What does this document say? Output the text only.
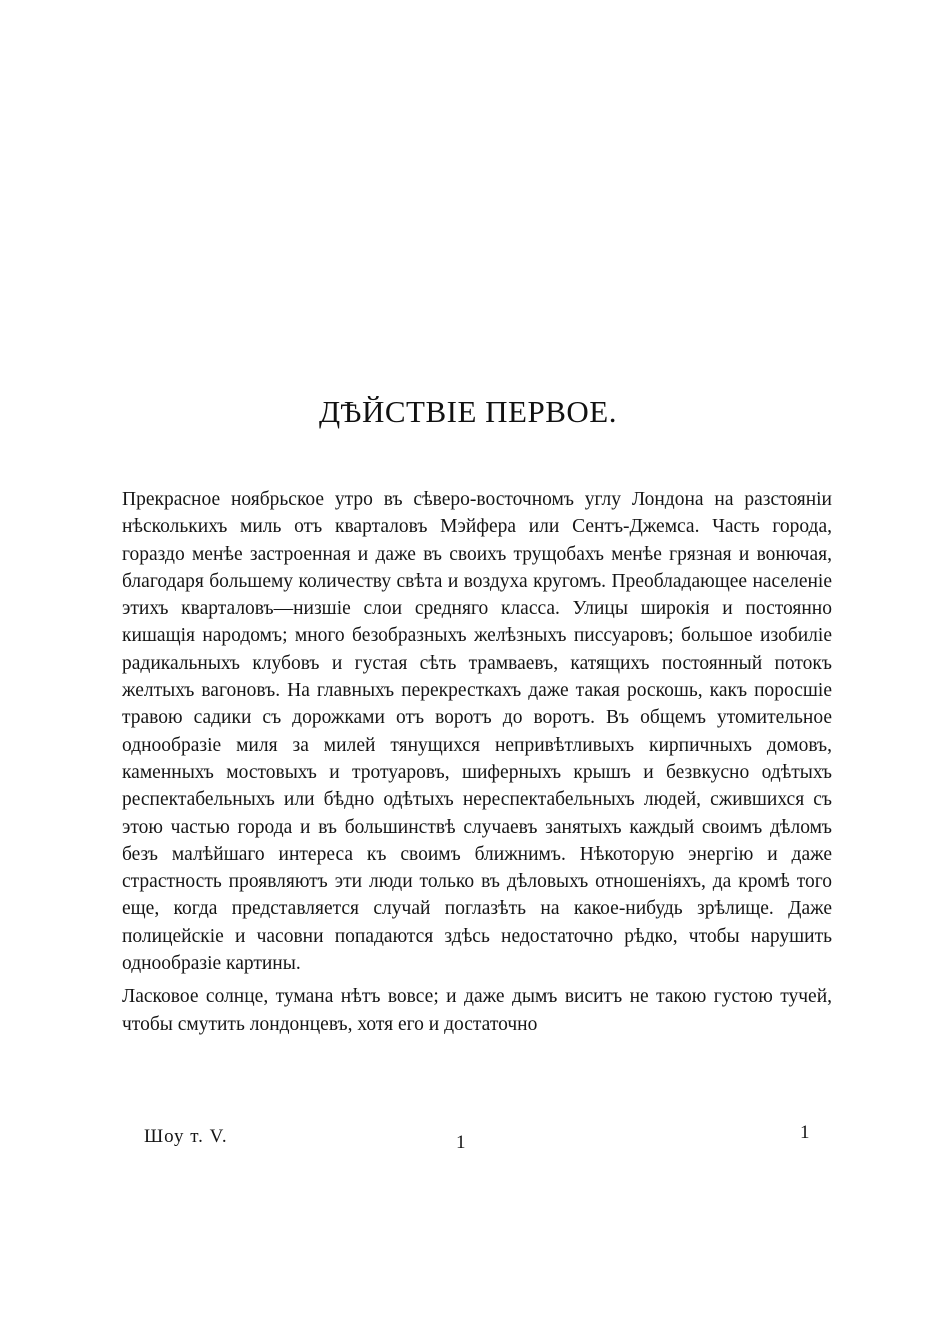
ДѢЙСТВІЕ ПЕРВОЕ.

Прекрасное ноябрьское утро въ сѣверо-восточномъ углу Лондона на разстояніи нѣсколькихъ миль отъ кварталовъ Мэйфера или Сентъ-Джемса. Часть города, гораздо менѣе застроенная и даже въ своихъ трущобахъ менѣе грязная и вонючая, благодаря большему количеству свѣта и воздуха кругомъ. Преобладающее населеніе этихъ кварталовъ—низшіе слои средняго класса. Улицы широкія и постоянно кишащія народомъ; много безобразныхъ желѣзныхъ писсуаровъ; большое изобиліе радикальныхъ клубовъ и густая сѣть трамваевъ, катящихъ постоянный потокъ желтыхъ вагоновъ. На главныхъ перекресткахъ даже такая роскошь, какъ поросшіе травою садики съ дорожками отъ воротъ до воротъ. Въ общемъ утомительное однообразіе миля за милей тянущихся непривѣтливыхъ кирпичныхъ домовъ, каменныхъ мостовыхъ и тротуаровъ, шиферныхъ крышъ и безвкусно одѣтыхъ респектабельныхъ или бѣдно одѣтыхъ нереспектабельныхъ людей, сжившихся съ этою частью города и въ большинствѣ случаевъ занятыхъ каждый своимъ дѣломъ безъ малѣйшаго интереса къ своимъ ближнимъ. Нѣкоторую энергію и даже страстность проявляютъ эти люди только въ дѣловыхъ отношеніяхъ, да кромѣ того еще, когда представляется случай поглазѣть на какое-нибудь зрѣлище. Даже полицейскіе и часовни попадаются здѣсь недостаточно рѣдко, чтобы нарушить однообразіе картины.

Ласковое солнце, тумана нѣтъ вовсе; и даже дымъ виситъ не такою густою тучей, чтобы смутить лондонцевъ, хотя его и достаточно

Шоу т. V.	1	1
